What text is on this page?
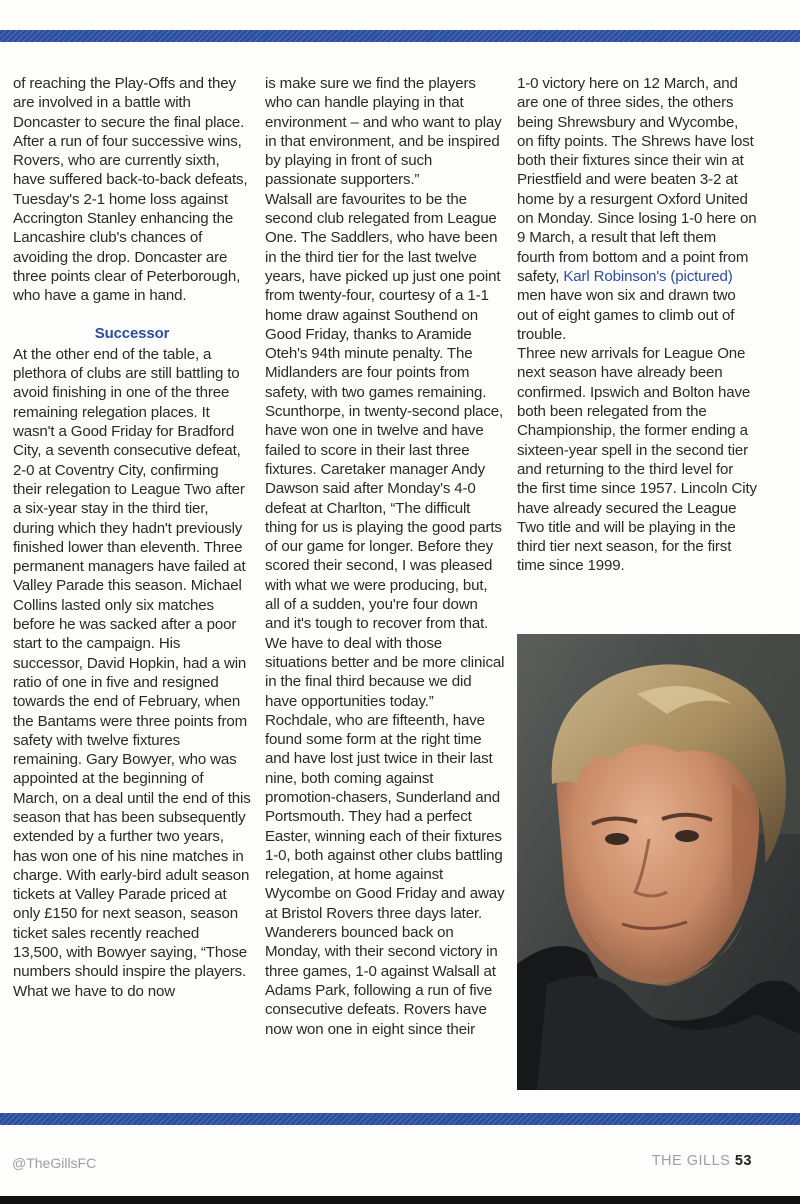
of reaching the Play-Offs and they are involved in a battle with Doncaster to secure the final place. After a run of four successive wins, Rovers, who are currently sixth, have suffered back-to-back defeats, Tuesday's 2-1 home loss against Accrington Stanley enhancing the Lancashire club's chances of avoiding the drop. Doncaster are three points clear of Peterborough, who have a game in hand.

Successor

At the other end of the table, a plethora of clubs are still battling to avoid finishing in one of the three remaining relegation places. It wasn't a Good Friday for Bradford City, a seventh consecutive defeat, 2-0 at Coventry City, confirming their relegation to League Two after a six-year stay in the third tier, during which they hadn't previously finished lower than eleventh. Three permanent managers have failed at Valley Parade this season. Michael Collins lasted only six matches before he was sacked after a poor start to the campaign. His successor, David Hopkin, had a win ratio of one in five and resigned towards the end of February, when the Bantams were three points from safety with twelve fixtures remaining. Gary Bowyer, who was appointed at the beginning of March, on a deal until the end of this season that has been subsequently extended by a further two years, has won one of his nine matches in charge. With early-bird adult season tickets at Valley Parade priced at only £150 for next season, season ticket sales recently reached 13,500, with Bowyer saying, “Those numbers should inspire the players. What we have to do now

is make sure we find the players who can handle playing in that environment – and who want to play in that environment, and be inspired by playing in front of such passionate supporters.”

Walsall are favourites to be the second club relegated from League One. The Saddlers, who have been in the third tier for the last twelve years, have picked up just one point from twenty-four, courtesy of a 1-1 home draw against Southend on Good Friday, thanks to Aramide Oteh's 94th minute penalty. The Midlanders are four points from safety, with two games remaining. Scunthorpe, in twenty-second place, have won one in twelve and have failed to score in their last three fixtures. Caretaker manager Andy Dawson said after Monday's 4-0 defeat at Charlton, “The difficult thing for us is playing the good parts of our game for longer. Before they scored their second, I was pleased with what we were producing, but, all of a sudden, you're four down and it's tough to recover from that. We have to deal with those situations better and be more clinical in the final third because we did have opportunities today.”

Rochdale, who are fifteenth, have found some form at the right time and have lost just twice in their last nine, both coming against promotion-chasers, Sunderland and Portsmouth. They had a perfect Easter, winning each of their fixtures 1-0, both against other clubs battling relegation, at home against Wycombe on Good Friday and away at Bristol Rovers three days later. Wanderers bounced back on Monday, with their second victory in three games, 1-0 against Walsall at Adams Park, following a run of five consecutive defeats. Rovers have now won one in eight since their

1-0 victory here on 12 March, and are one of three sides, the others being Shrewsbury and Wycombe, on fifty points. The Shrews have lost both their fixtures since their win at Priestfield and were beaten 3-2 at home by a resurgent Oxford United on Monday. Since losing 1-0 here on 9 March, a result that left them fourth from bottom and a point from safety, Karl Robinson's (pictured) men have won six and drawn two out of eight games to climb out of trouble.

Three new arrivals for League One next season have already been confirmed. Ipswich and Bolton have both been relegated from the Championship, the former ending a sixteen-year spell in the second tier and returning to the third level for the first time since 1957. Lincoln City have already secured the League Two title and will be playing in the third tier next season, for the first time since 1999.

@TheGillsFC	THE GILLS 53
